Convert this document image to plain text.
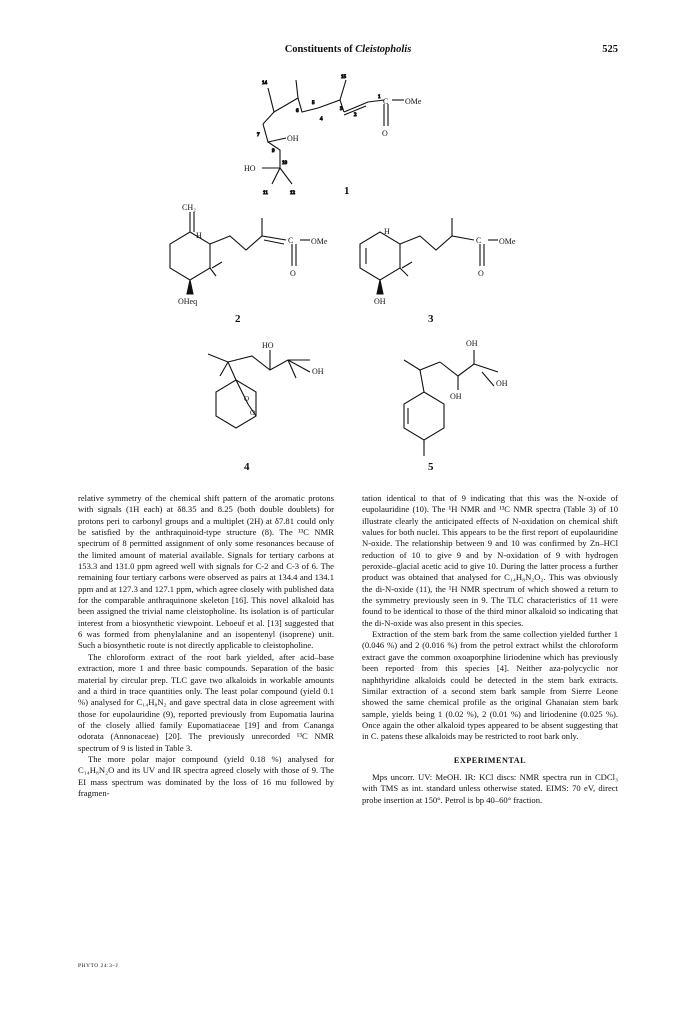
Constituents of Cleistopholis	525
14
15
1
2
3
4
5
6
7
9
10
11	12
C OMe
O
OH
HO
1
CH₂
H
C OMe
O
OHeq
2
H
C OMe
O
OH
3
HO
OH
O
O
4
OH
OH
OH
5

relative symmetry of the chemical shift pattern of the aromatic protons with signals (1H each) at δ8.35 and 8.25 (both double doublets) for protons peri to carbonyl groups and a multiplet (2H) at δ7.81 could only be satisfied by the anthraquinoid-type structure (8). The ¹³C NMR spectrum of 8 permitted assignment of only some resonances because of the limited amount of material available. Signals for tertiary carbons at 153.3 and 131.0 ppm agreed well with signals for C-2 and C-3 of 6. The remaining four tertiary carbons were observed as pairs at 134.4 and 134.1 ppm and at 127.3 and 127.1 ppm, which agree closely with published data for the comparable anthraquinone skeleton [16]. This novel alkaloid has been assigned the trivial name cleistopholine. Its isolation is of particular interest from a biosynthetic viewpoint. Leboeuf et al. [13] suggested that 6 was formed from phenylalanine and an isopentenyl (isoprene) unit. Such a biosynthetic route is not directly applicable to cleistopholine.

The chloroform extract of the root bark yielded, after acid–base extraction, more 1 and three basic compounds. Separation of the basic material by circular prep. TLC gave two alkaloids in workable amounts and a third in trace quantities only. The least polar compound (yield 0.1 %) analysed for C₁₄H₈N₂ and gave spectral data in close agreement with those for eupolauridine (9), reported previously from Eupomatia laurina of the closely allied family Eupomatiaceae [19] and from Cananga odorata (Annonaceae) [20]. The previously unrecorded ¹³C NMR spectrum of 9 is listed in Table 3.

The more polar major compound (yield 0.18 %) analysed for C₁₄H₈N₂O and its UV and IR spectra agreed closely with those of 9. The EI mass spectrum was dominated by the loss of 16 mu followed by fragmen-

tation identical to that of 9 indicating that this was the N-oxide of eupolauridine (10). The ¹H NMR and ¹³C NMR spectra (Table 3) of 10 illustrate clearly the anticipated effects of N-oxidation on chemical shift values for both nuclei. This appears to be the first report of eupolauridine N-oxide. The relationship between 9 and 10 was confirmed by Zn–HCl reduction of 10 to give 9 and by N-oxidation of 9 with hydrogen peroxide–glacial acetic acid to give 10. During the latter process a further product was obtained that analysed for C₁₄H₈N₂O₂. This was obviously the di-N-oxide (11), the ¹H NMR spectrum of which showed a return to the symmetry previously seen in 9. The TLC characteristics of 11 were found to be identical to those of the third minor alkaloid so indicating that the di-N-oxide was also present in this species.

Extraction of the stem bark from the same collection yielded further 1 (0.046 %) and 2 (0.016 %) from the petrol extract whilst the chloroform extract gave the common oxoaporphine liriodenine which has previously been reported from this species [4]. Neither aza-polycyclic nor naphthyridine alkaloids could be detected in the stem bark extracts. Similar extraction of a second stem bark sample from Sierre Leone showed the same chemical profile as the original Ghanaian stem bark sample, yields being 1 (0.02 %), 2 (0.01 %) and liriodenine (0.025 %). Once again the other alkaloid types appeared to be absent suggesting that in C. patens these alkaloids may be restricted to root bark only.

EXPERIMENTAL

Mps uncorr. UV: MeOH. IR: KCl discs: NMR spectra run in CDCl₃ with TMS as int. standard unless otherwise stated. EIMS: 70 eV, direct probe insertion at 150°. Petrol is bp 40–60° fraction.

PHYTO 24:3–J
